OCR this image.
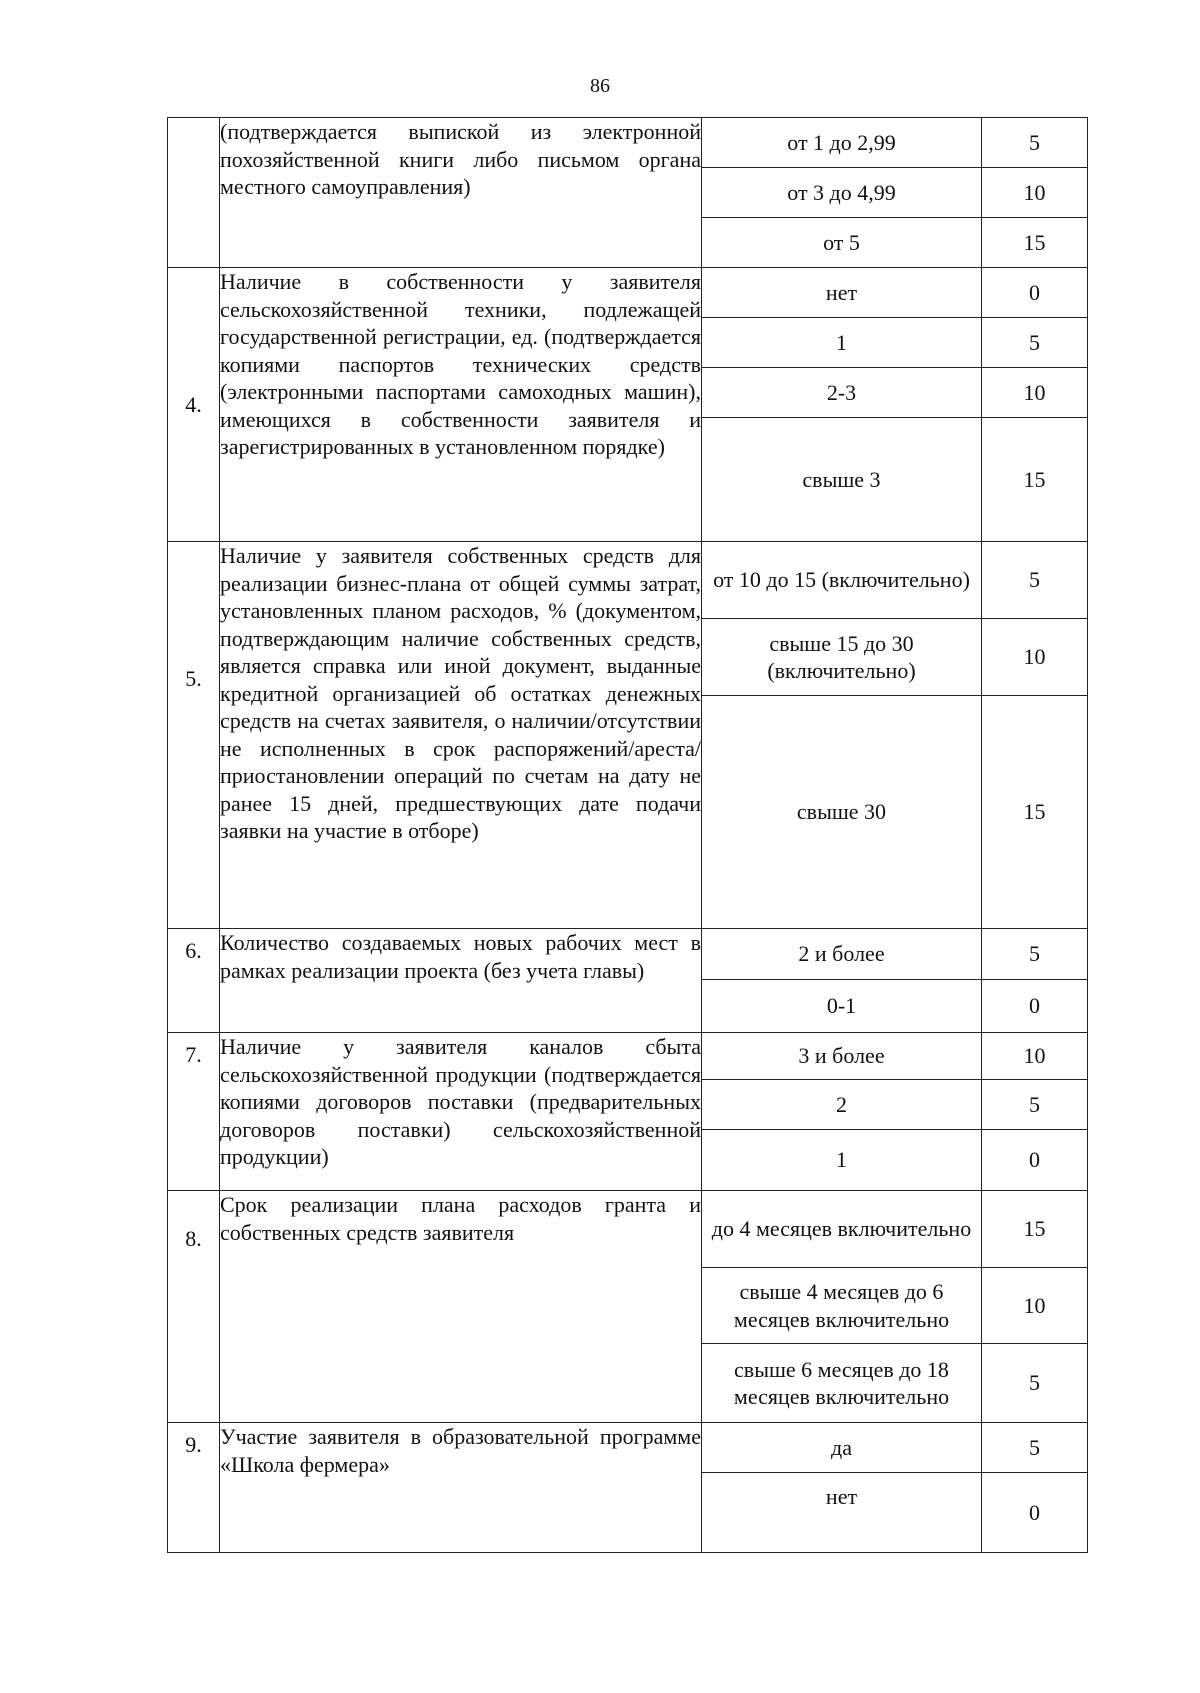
86
	(подтверждается выпиской из электронной похозяйственной книги либо письмом органа местного самоуправления)	от 1 до 2,99	5
		от 3 до 4,99	10
		от 5	15
4.	Наличие в собственности у заявителя сельскохозяйственной техники, подлежащей государственной регистрации, ед. (подтверждается копиями паспортов технических средств (электронными паспортами самоходных машин), имеющихся в собственности заявителя и зарегистрированных в установленном порядке)	нет	0
		1	5
		2-3	10
		свыше 3	15
5.	Наличие у заявителя собственных средств для реализации бизнес-плана от общей суммы затрат, установленных планом расходов, % (документом, подтверждающим наличие собственных средств, является справка или иной документ, выданные кредитной организацией об остатках денежных средств на счетах заявителя, о наличии/отсутствии не исполненных в срок распоряжений/ареста/приостановлении операций по счетам на дату не ранее 15 дней, предшествующих дате подачи заявки на участие в отборе)	от 10 до 15 (включительно)	5
		свыше 15 до 30 (включительно)	10
		свыше 30	15
6.	Количество создаваемых новых рабочих мест в рамках реализации проекта (без учета главы)	2 и более	5
		0-1	0
7.	Наличие у заявителя каналов сбыта сельскохозяйственной продукции (подтверждается копиями договоров поставки (предварительных договоров поставки) сельскохозяйственной продукции)	3 и более	10
		2	5
		1	0
8.	Срок реализации плана расходов гранта и собственных средств заявителя	до 4 месяцев включительно	15
		свыше 4 месяцев до 6 месяцев включительно	10
		свыше 6 месяцев до 18 месяцев включительно	5
9.	Участие заявителя в образовательной программе «Школа фермера»	да	5
		нет	0
